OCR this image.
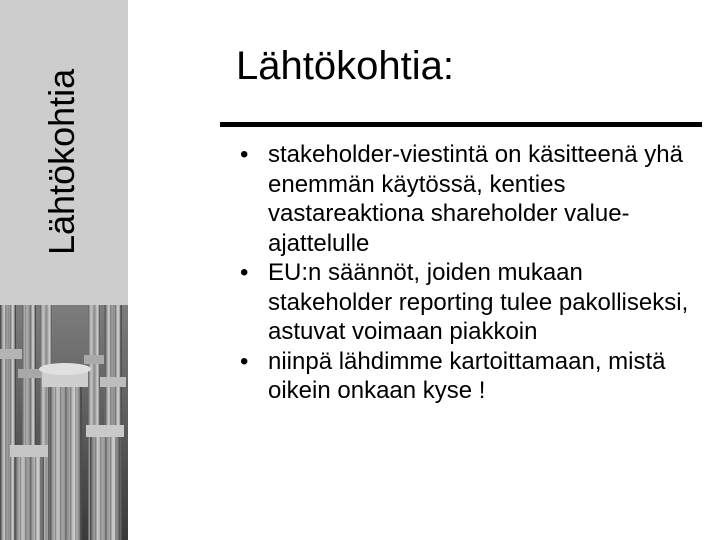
Lähtökohtia
Lähtökohtia:
• stakeholder-viestintä on käsitteenä yhä enemmän käytössä, kenties vastareaktiona shareholder value-ajattelulle
• EU:n säännöt, joiden mukaan stakeholder reporting tulee pakolliseksi, astuvat voimaan piakkoin
• niinpä lähdimme kartoittamaan, mistä oikein onkaan kyse !
